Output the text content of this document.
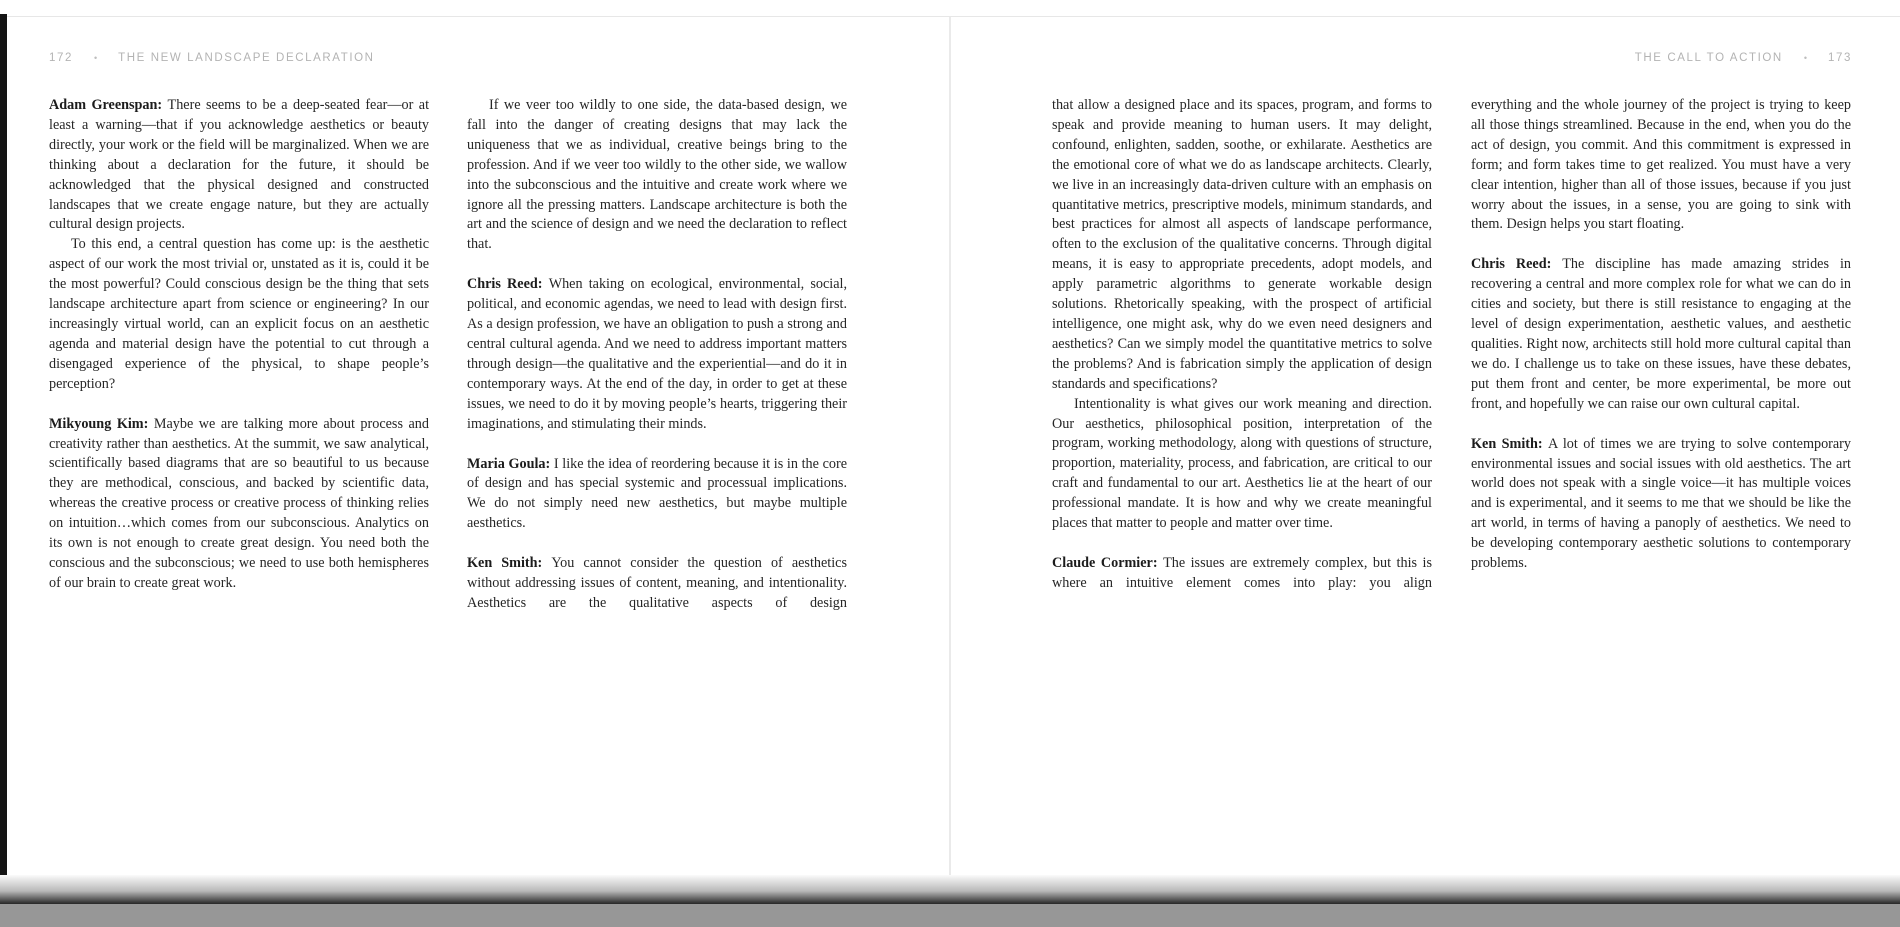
172 • THE NEW LANDSCAPE DECLARATION	THE CALL TO ACTION • 173

Adam Greenspan: There seems to be a deep-seated fear—or at least a warning—that if you acknowledge aesthetics or beauty directly, your work or the field will be marginalized. When we are thinking about a declaration for the future, it should be acknowledged that the physical designed and constructed landscapes that we create engage nature, but they are actually cultural design projects.

To this end, a central question has come up: is the aesthetic aspect of our work the most trivial or, unstated as it is, could it be the most powerful? Could conscious design be the thing that sets landscape architecture apart from science or engineering? In our increasingly virtual world, can an explicit focus on an aesthetic agenda and material design have the potential to cut through a disengaged experience of the physical, to shape people’s perception?

Mikyoung Kim: Maybe we are talking more about process and creativity rather than aesthetics. At the summit, we saw analytical, scientifically based diagrams that are so beautiful to us because they are methodical, conscious, and backed by scientific data, whereas the creative process or creative process of thinking relies on intuition…which comes from our subconscious. Analytics on its own is not enough to create great design. You need both the conscious and the subconscious; we need to use both hemispheres of our brain to create great work.

If we veer too wildly to one side, the data-based design, we fall into the danger of creating designs that may lack the uniqueness that we as individual, creative beings bring to the profession. And if we veer too wildly to the other side, we wallow into the subconscious and the intuitive and create work where we ignore all the pressing matters. Landscape architecture is both the art and the science of design and we need the declaration to reflect that.

Chris Reed: When taking on ecological, environmental, social, political, and economic agendas, we need to lead with design first. As a design profession, we have an obligation to push a strong and central cultural agenda. And we need to address important matters through design—the qualitative and the experiential—and do it in contemporary ways. At the end of the day, in order to get at these issues, we need to do it by moving people’s hearts, triggering their imaginations, and stimulating their minds.

Maria Goula: I like the idea of reordering because it is in the core of design and has special systemic and processual implications. We do not simply need new aesthetics, but maybe multiple aesthetics.

Ken Smith: You cannot consider the question of aesthetics without addressing issues of content, meaning, and intentionality. Aesthetics are the qualitative aspects of design

that allow a designed place and its spaces, program, and forms to speak and provide meaning to human users. It may delight, confound, enlighten, sadden, soothe, or exhilarate. Aesthetics are the emotional core of what we do as landscape architects. Clearly, we live in an increasingly data-driven culture with an emphasis on quantitative metrics, prescriptive models, minimum standards, and best practices for almost all aspects of landscape performance, often to the exclusion of the qualitative concerns. Through digital means, it is easy to appropriate precedents, adopt models, and apply parametric algorithms to generate workable design solutions. Rhetorically speaking, with the prospect of artificial intelligence, one might ask, why do we even need designers and aesthetics? Can we simply model the quantitative metrics to solve the problems? And is fabrication simply the application of design standards and specifications?

Intentionality is what gives our work meaning and direction. Our aesthetics, philosophical position, interpretation of the program, working methodology, along with questions of structure, proportion, materiality, process, and fabrication, are critical to our craft and fundamental to our art. Aesthetics lie at the heart of our professional mandate. It is how and why we create meaningful places that matter to people and matter over time.

Claude Cormier: The issues are extremely complex, but this is where an intuitive element comes into play: you align

everything and the whole journey of the project is trying to keep all those things streamlined. Because in the end, when you do the act of design, you commit. And this commitment is expressed in form; and form takes time to get realized. You must have a very clear intention, higher than all of those issues, because if you just worry about the issues, in a sense, you are going to sink with them. Design helps you start floating.

Chris Reed: The discipline has made amazing strides in recovering a central and more complex role for what we can do in cities and society, but there is still resistance to engaging at the level of design experimentation, aesthetic values, and aesthetic qualities. Right now, architects still hold more cultural capital than we do. I challenge us to take on these issues, have these debates, put them front and center, be more experimental, be more out front, and hopefully we can raise our own cultural capital.

Ken Smith: A lot of times we are trying to solve contemporary environmental issues and social issues with old aesthetics. The art world does not speak with a single voice—it has multiple voices and is experimental, and it seems to me that we should be like the art world, in terms of having a panoply of aesthetics. We need to be developing contemporary aesthetic solutions to contemporary problems.
